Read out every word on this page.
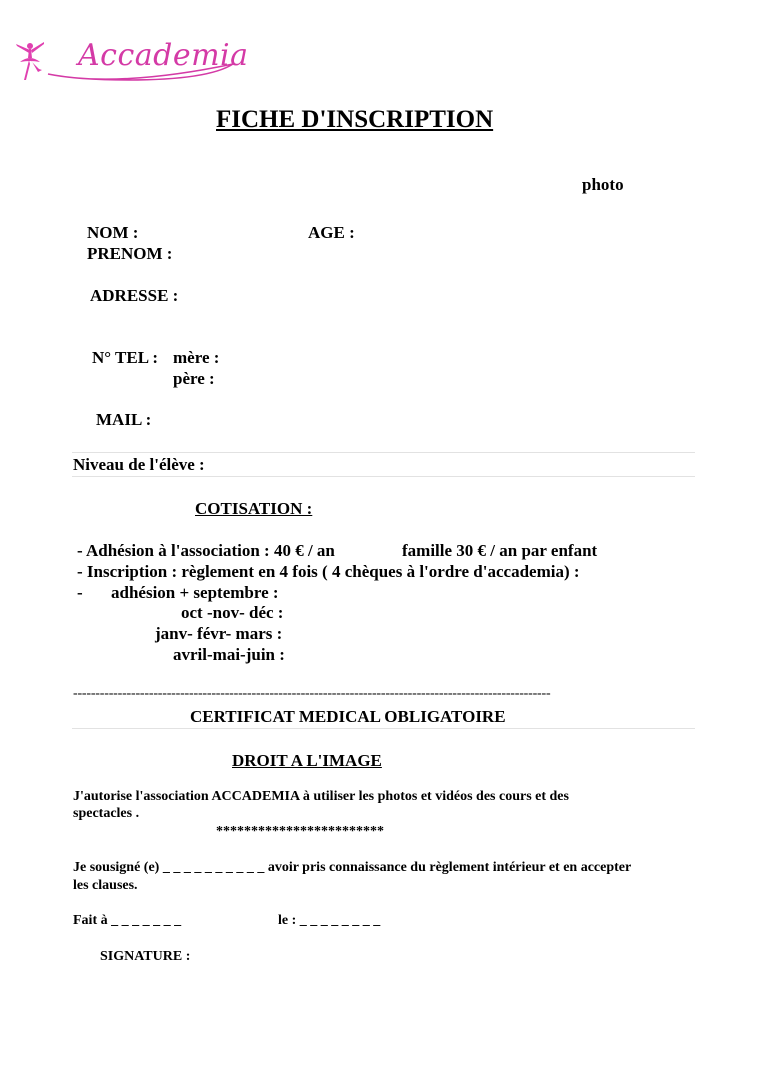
Accademia
FICHE D'INSCRIPTION
photo
NOM :	AGE :
PRENOM :
ADRESSE :
N° TEL : mère :
père :
MAIL :
Niveau de l'élève :
COTISATION :
- Adhésion à l'association : 40 € / an	famille 30 € / an par enfant
- Inscription : règlement en 4 fois ( 4 chèques à l'ordre d'accademia) :
- adhésion + septembre :
oct -nov- déc :
janv- févr- mars :
avril-mai-juin :
-----------------------------------------------------------------------------------------------------------
CERTIFICAT MEDICAL OBLIGATOIRE
DROIT A L'IMAGE
J'autorise l'association ACCADEMIA à utiliser les photos et vidéos des cours et des
spectacles .
************************
Je sousigné (e) _ _ _ _ _ _ _ _ _ _ avoir pris connaissance du règlement intérieur et en accepter
les clauses.
Fait à _ _ _ _ _ _ _	le : _ _ _ _ _ _ _ _
SIGNATURE :
